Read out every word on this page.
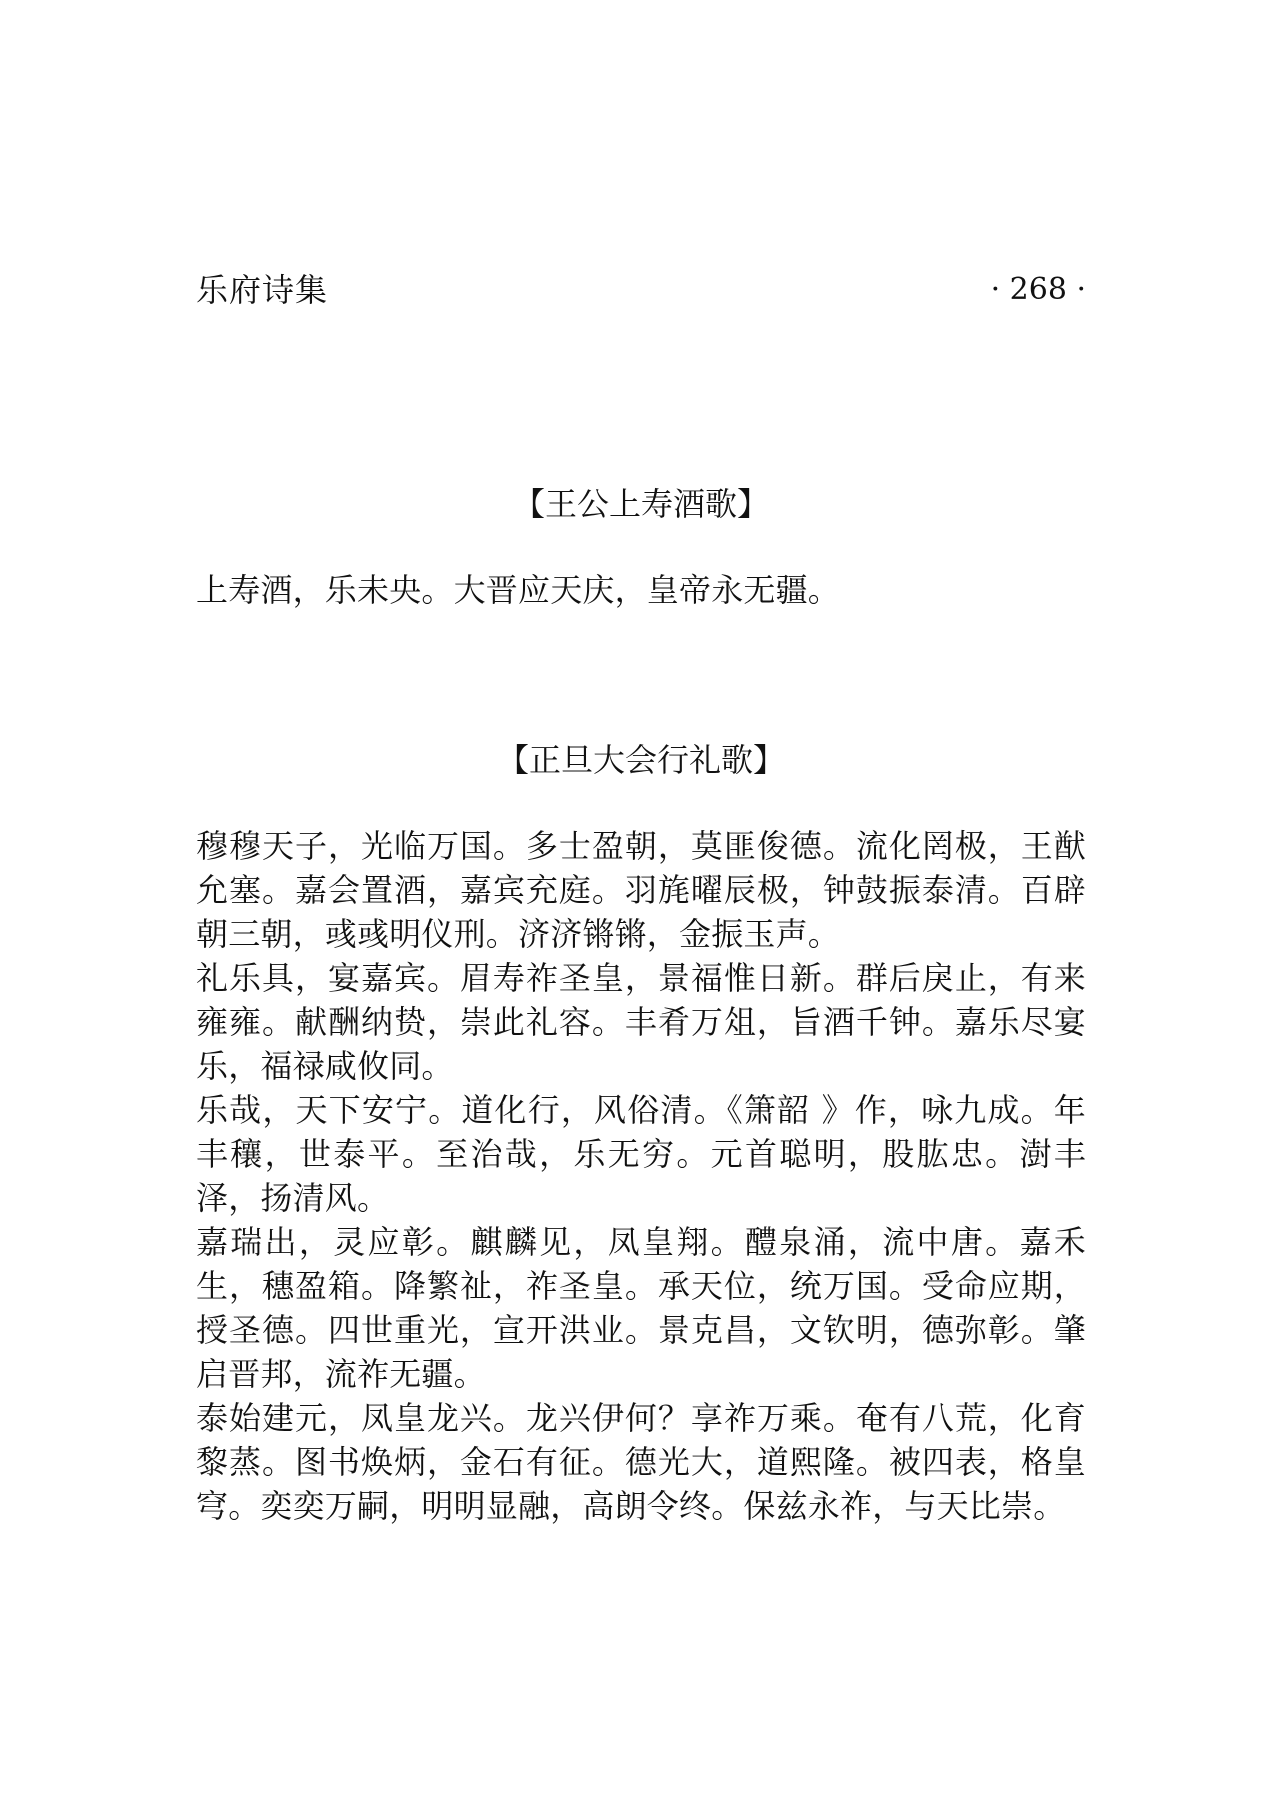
乐府诗集	· 268 ·
【王公上寿酒歌】

上寿酒，乐未央。大晋应天庆，皇帝永无疆。

【正旦大会行礼歌】

穆穆天子，光临万国。多士盈朝，莫匪俊德。流化罔极，王猷允塞。嘉会置酒，嘉宾充庭。羽旄曜辰极，钟鼓振泰清。百辟朝三朝，彧彧明仪刑。济济锵锵，金振玉声。

礼乐具，宴嘉宾。眉寿祚圣皇，景福惟日新。群后戾止，有来雍雍。献酬纳贽，崇此礼容。丰肴万俎，旨酒千钟。嘉乐尽宴乐，福禄咸攸同。

乐哉，天下安宁。道化行，风俗清。《箫韶 》作，咏九成。年丰穰，世泰平。至治哉，乐无穷。元首聪明，股肱忠。澍丰泽，扬清风。

嘉瑞出，灵应彰。麒麟见，凤皇翔。醴泉涌，流中唐。嘉禾生，穗盈箱。降繁祉，祚圣皇。承天位，统万国。受命应期，授圣德。四世重光，宣开洪业。景克昌，文钦明，德弥彰。肇启晋邦，流祚无疆。

泰始建元，凤皇龙兴。龙兴伊何？享祚万乘。奄有八荒，化育黎蒸。图书焕炳，金石有征。德光大，道熙隆。被四表，格皇穹。奕奕万嗣，明明显融，高朗令终。保兹永祚，与天比崇。
